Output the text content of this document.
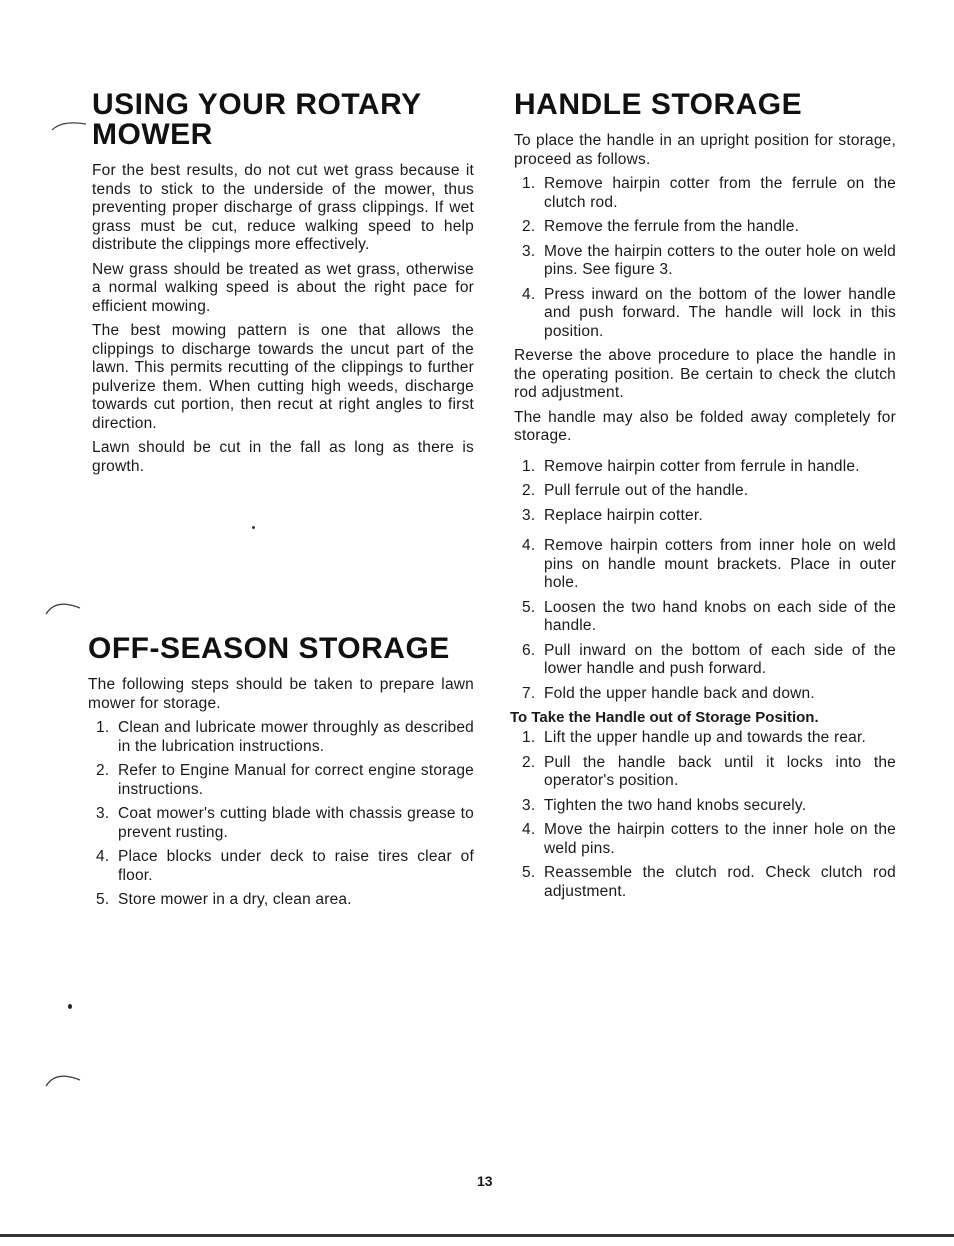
USING YOUR ROTARY
MOWER

For the best results, do not cut wet grass because it tends to stick to the underside of the mower, thus preventing proper discharge of grass clippings. If wet grass must be cut, reduce walking speed to help distribute the clippings more effectively.

New grass should be treated as wet grass, otherwise a normal walking speed is about the right pace for efficient mowing.

The best mowing pattern is one that allows the clippings to discharge towards the uncut part of the lawn. This permits recutting of the clippings to further pulverize them. When cutting high weeds, discharge towards cut portion, then recut at right angles to first direction.

Lawn should be cut in the fall as long as there is growth.

OFF-SEASON STORAGE

The following steps should be taken to prepare lawn mower for storage.

1. Clean and lubricate mower throughly as described in the lubrication instructions.
2. Refer to Engine Manual for correct engine storage instructions.
3. Coat mower's cutting blade with chassis grease to prevent rusting.
4. Place blocks under deck to raise tires clear of floor.
5. Store mower in a dry, clean area.
HANDLE STORAGE

To place the handle in an upright position for storage, proceed as follows.

1. Remove hairpin cotter from the ferrule on the clutch rod.
2. Remove the ferrule from the handle.
3. Move the hairpin cotters to the outer hole on weld pins. See figure 3.
4. Press inward on the bottom of the lower handle and push forward. The handle will lock in this position.

Reverse the above procedure to place the handle in the operating position. Be certain to check the clutch rod adjustment.

The handle may also be folded away completely for storage.

1. Remove hairpin cotter from ferrule in handle.
2. Pull ferrule out of the handle.
3. Replace hairpin cotter.
4. Remove hairpin cotters from inner hole on weld pins on handle mount brackets. Place in outer hole.
5. Loosen the two hand knobs on each side of the handle.
6. Pull inward on the bottom of each side of the lower handle and push forward.
7. Fold the upper handle back and down.
To Take the Handle out of Storage Position.
1. Lift the upper handle up and towards the rear.
2. Pull the handle back until it locks into the operator's position.
3. Tighten the two hand knobs securely.
4. Move the hairpin cotters to the inner hole on the weld pins.
5. Reassemble the clutch rod. Check clutch rod adjustment.
13
